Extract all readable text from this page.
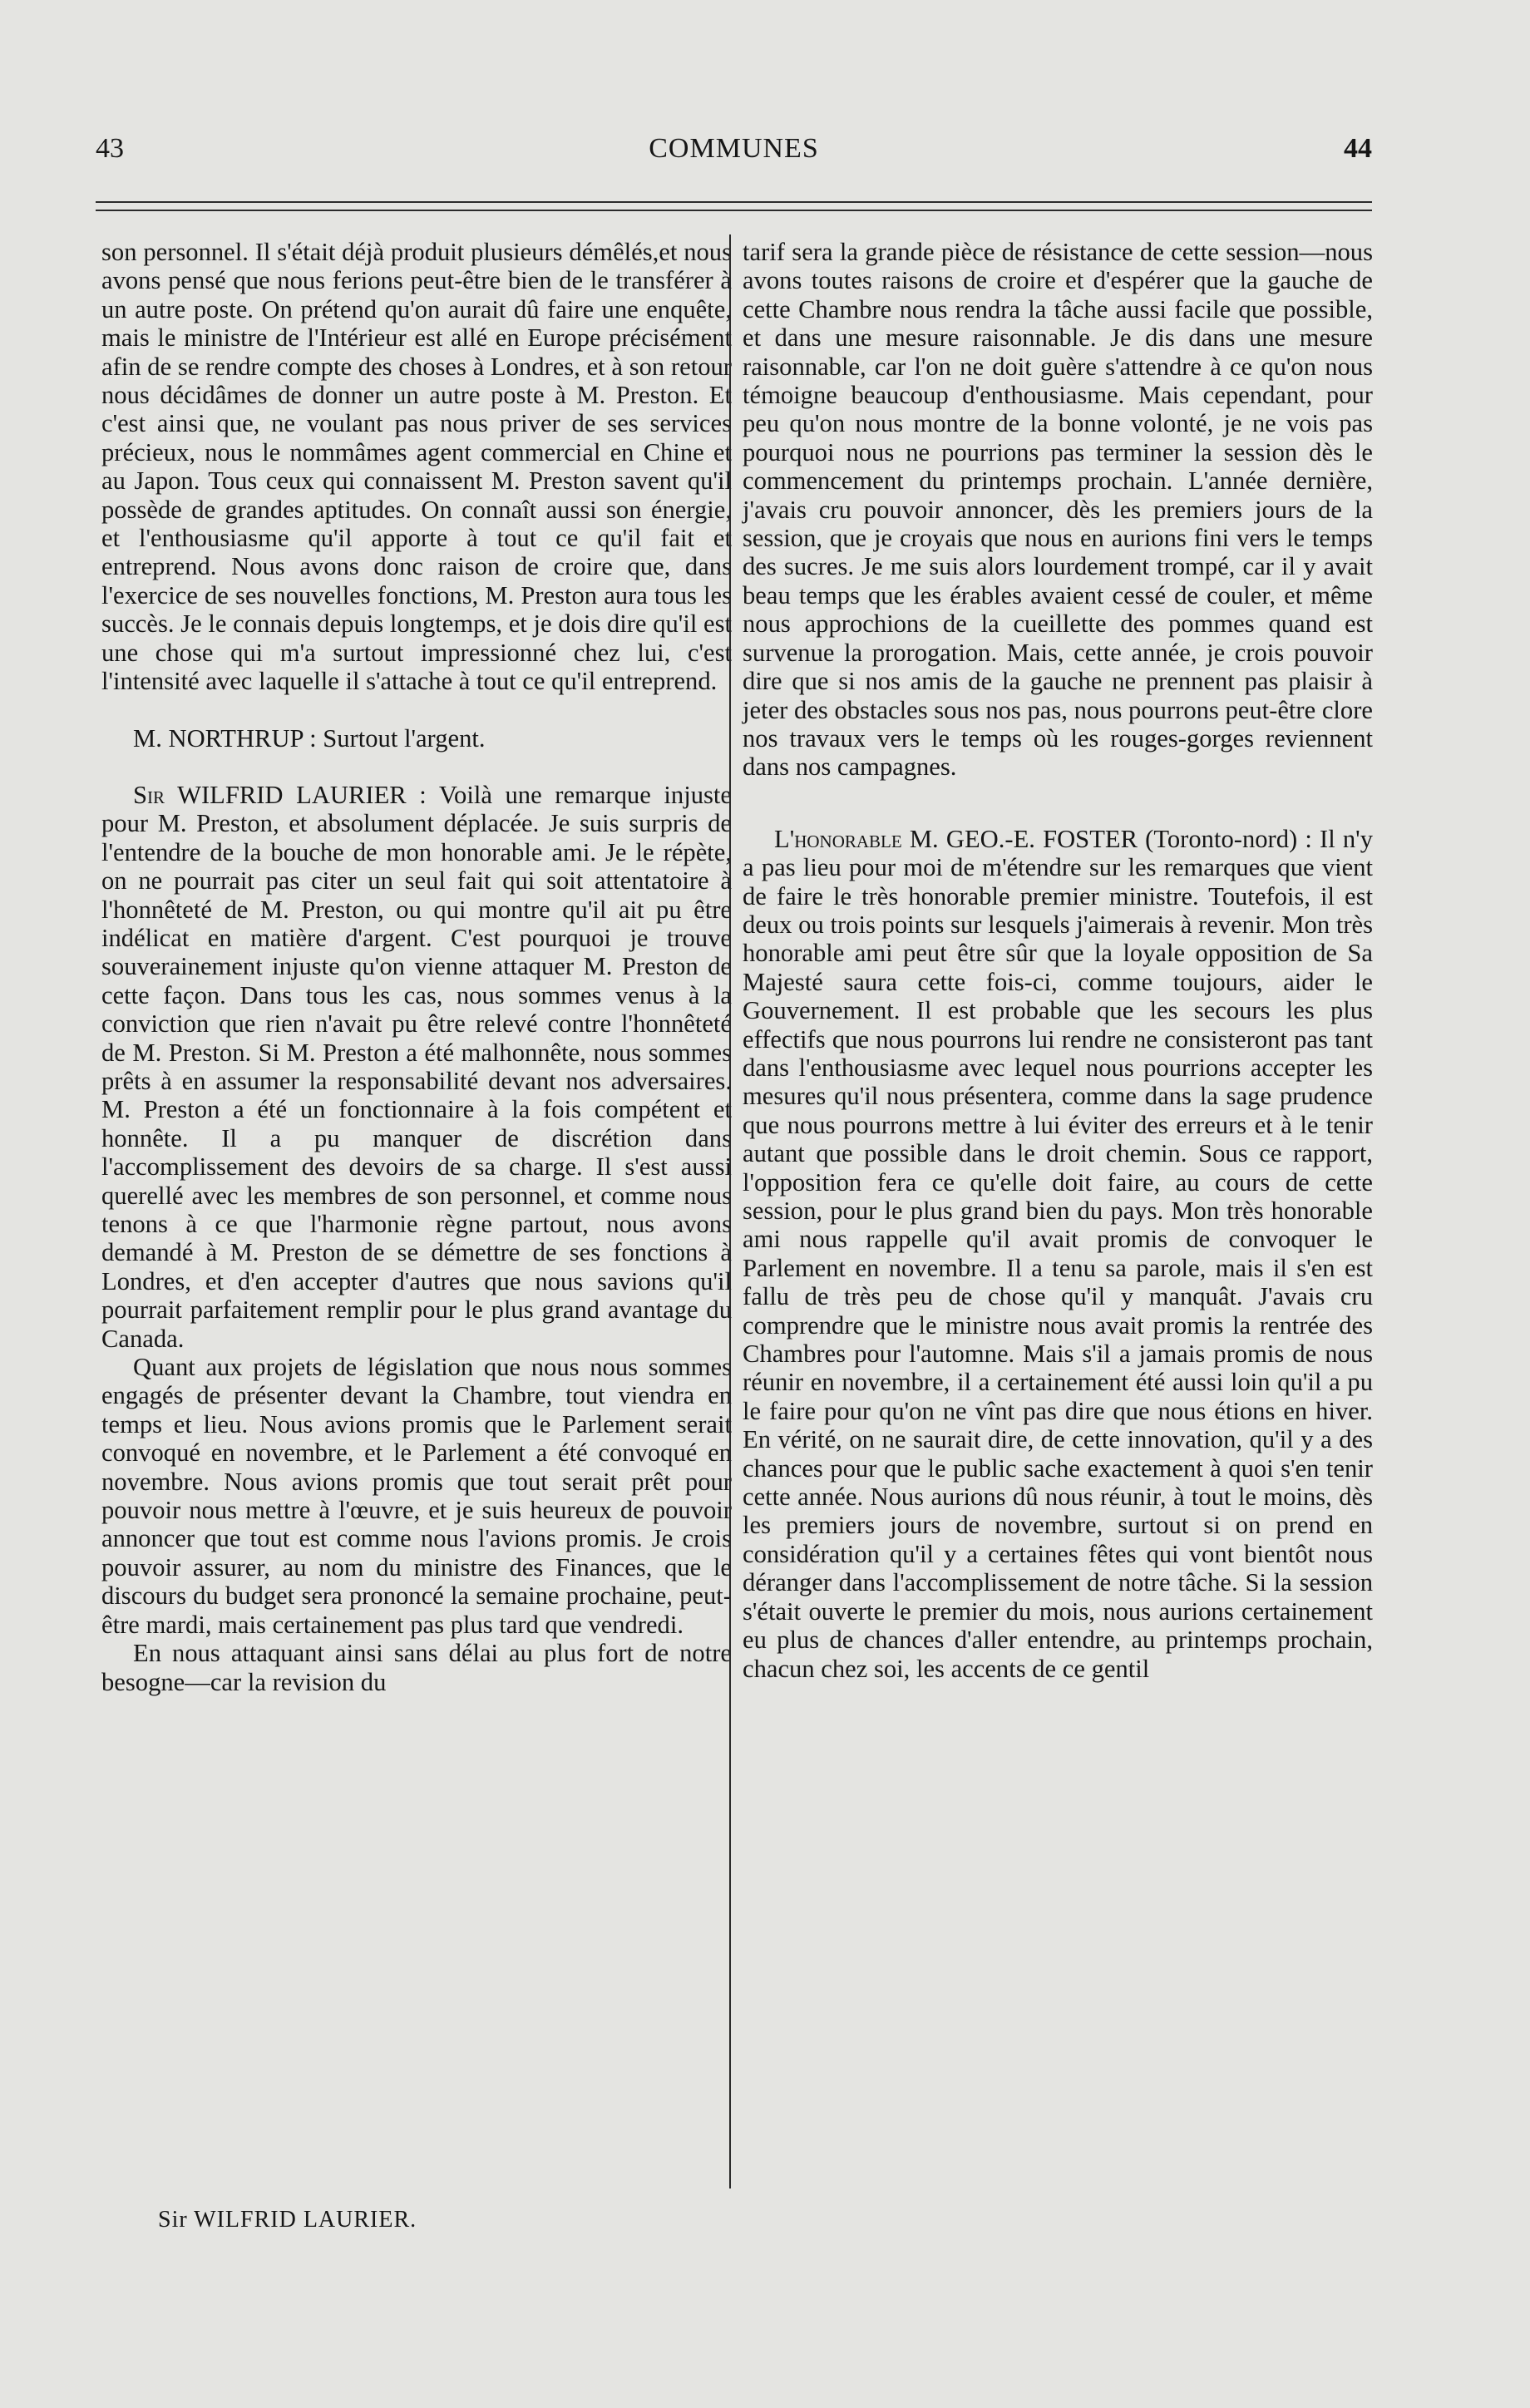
43	COMMUNES	44

son personnel. Il s'était déjà produit plusieurs démêlés,et nous avons pensé que nous ferions peut-être bien de le transférer à un autre poste. On prétend qu'on aurait dû faire une enquête, mais le ministre de l'Intérieur est allé en Europe précisément afin de se rendre compte des choses à Londres, et à son retour nous décidâmes de donner un autre poste à M. Preston. Et c'est ainsi que, ne voulant pas nous priver de ses services précieux, nous le nommâmes agent commercial en Chine et au Japon. Tous ceux qui connaissent M. Preston savent qu'il possède de grandes aptitudes. On connaît aussi son énergie, et l'enthousiasme qu'il apporte à tout ce qu'il fait et entreprend. Nous avons donc raison de croire que, dans l'exercice de ses nouvelles fonctions, M. Preston aura tous les succès. Je le connais depuis longtemps, et je dois dire qu'il est une chose qui m'a surtout impressionné chez lui, c'est l'intensité avec laquelle il s'attache à tout ce qu'il entreprend.

M. NORTHRUP : Surtout l'argent.

Sir WILFRID LAURIER : Voilà une remarque injuste pour M. Preston, et absolument déplacée. Je suis surpris de l'entendre de la bouche de mon honorable ami. Je le répète, on ne pourrait pas citer un seul fait qui soit attentatoire à l'honnêteté de M. Preston, ou qui montre qu'il ait pu être indélicat en matière d'argent. C'est pourquoi je trouve souverainement injuste qu'on vienne attaquer M. Preston de cette façon. Dans tous les cas, nous sommes venus à la conviction que rien n'avait pu être relevé contre l'honnêteté de M. Preston. Si M. Preston a été malhonnête, nous sommes prêts à en assumer la responsabilité devant nos adversaires. M. Preston a été un fonctionnaire à la fois compétent et honnête. Il a pu manquer de discrétion dans l'accomplissement des devoirs de sa charge. Il s'est aussi querellé avec les membres de son personnel, et comme nous tenons à ce que l'harmonie règne partout, nous avons demandé à M. Preston de se démettre de ses fonctions à Londres, et d'en accepter d'autres que nous savions qu'il pourrait parfaitement remplir pour le plus grand avantage du Canada.

Quant aux projets de législation que nous nous sommes engagés de présenter devant la Chambre, tout viendra en temps et lieu. Nous avions promis que le Parlement serait convoqué en novembre, et le Parlement a été convoqué en novembre. Nous avions promis que tout serait prêt pour pouvoir nous mettre à l'œuvre, et je suis heureux de pouvoir annoncer que tout est comme nous l'avions promis. Je crois pouvoir assurer, au nom du ministre des Finances, que le discours du budget sera prononcé la semaine prochaine, peut-être mardi, mais certainement pas plus tard que vendredi.

En nous attaquant ainsi sans délai au plus fort de notre besogne—car la revision du

tarif sera la grande pièce de résistance de cette session—nous avons toutes raisons de croire et d'espérer que la gauche de cette Chambre nous rendra la tâche aussi facile que possible, et dans une mesure raisonnable. Je dis dans une mesure raisonnable, car l'on ne doit guère s'attendre à ce qu'on nous témoigne beaucoup d'enthousiasme. Mais cependant, pour peu qu'on nous montre de la bonne volonté, je ne vois pas pourquoi nous ne pourrions pas terminer la session dès le commencement du printemps prochain. L'année dernière, j'avais cru pouvoir annoncer, dès les premiers jours de la session, que je croyais que nous en aurions fini vers le temps des sucres. Je me suis alors lourdement trompé, car il y avait beau temps que les érables avaient cessé de couler, et même nous approchions de la cueillette des pommes quand est survenue la prorogation. Mais, cette année, je crois pouvoir dire que si nos amis de la gauche ne prennent pas plaisir à jeter des obstacles sous nos pas, nous pourrons peut-être clore nos travaux vers le temps où les rouges-gorges reviennent dans nos campagnes.

L'honorable M. GEO.-E. FOSTER (Toronto-nord) : Il n'y a pas lieu pour moi de m'étendre sur les remarques que vient de faire le très honorable premier ministre. Toutefois, il est deux ou trois points sur lesquels j'aimerais à revenir. Mon très honorable ami peut être sûr que la loyale opposition de Sa Majesté saura cette fois-ci, comme toujours, aider le Gouvernement. Il est probable que les secours les plus effectifs que nous pourrons lui rendre ne consisteront pas tant dans l'enthousiasme avec lequel nous pourrions accepter les mesures qu'il nous présentera, comme dans la sage prudence que nous pourrons mettre à lui éviter des erreurs et à le tenir autant que possible dans le droit chemin. Sous ce rapport, l'opposition fera ce qu'elle doit faire, au cours de cette session, pour le plus grand bien du pays. Mon très honorable ami nous rappelle qu'il avait promis de convoquer le Parlement en novembre. Il a tenu sa parole, mais il s'en est fallu de très peu de chose qu'il y manquât. J'avais cru comprendre que le ministre nous avait promis la rentrée des Chambres pour l'automne. Mais s'il a jamais promis de nous réunir en novembre, il a certainement été aussi loin qu'il a pu le faire pour qu'on ne vînt pas dire que nous étions en hiver. En vérité, on ne saurait dire, de cette innovation, qu'il y a des chances pour que le public sache exactement à quoi s'en tenir cette année. Nous aurions dû nous réunir, à tout le moins, dès les premiers jours de novembre, surtout si on prend en considération qu'il y a certaines fêtes qui vont bientôt nous déranger dans l'accomplissement de notre tâche. Si la session s'était ouverte le premier du mois, nous aurions certainement eu plus de chances d'aller entendre, au printemps prochain, chacun chez soi, les accents de ce gentil

Sir WILFRID LAURIER.
